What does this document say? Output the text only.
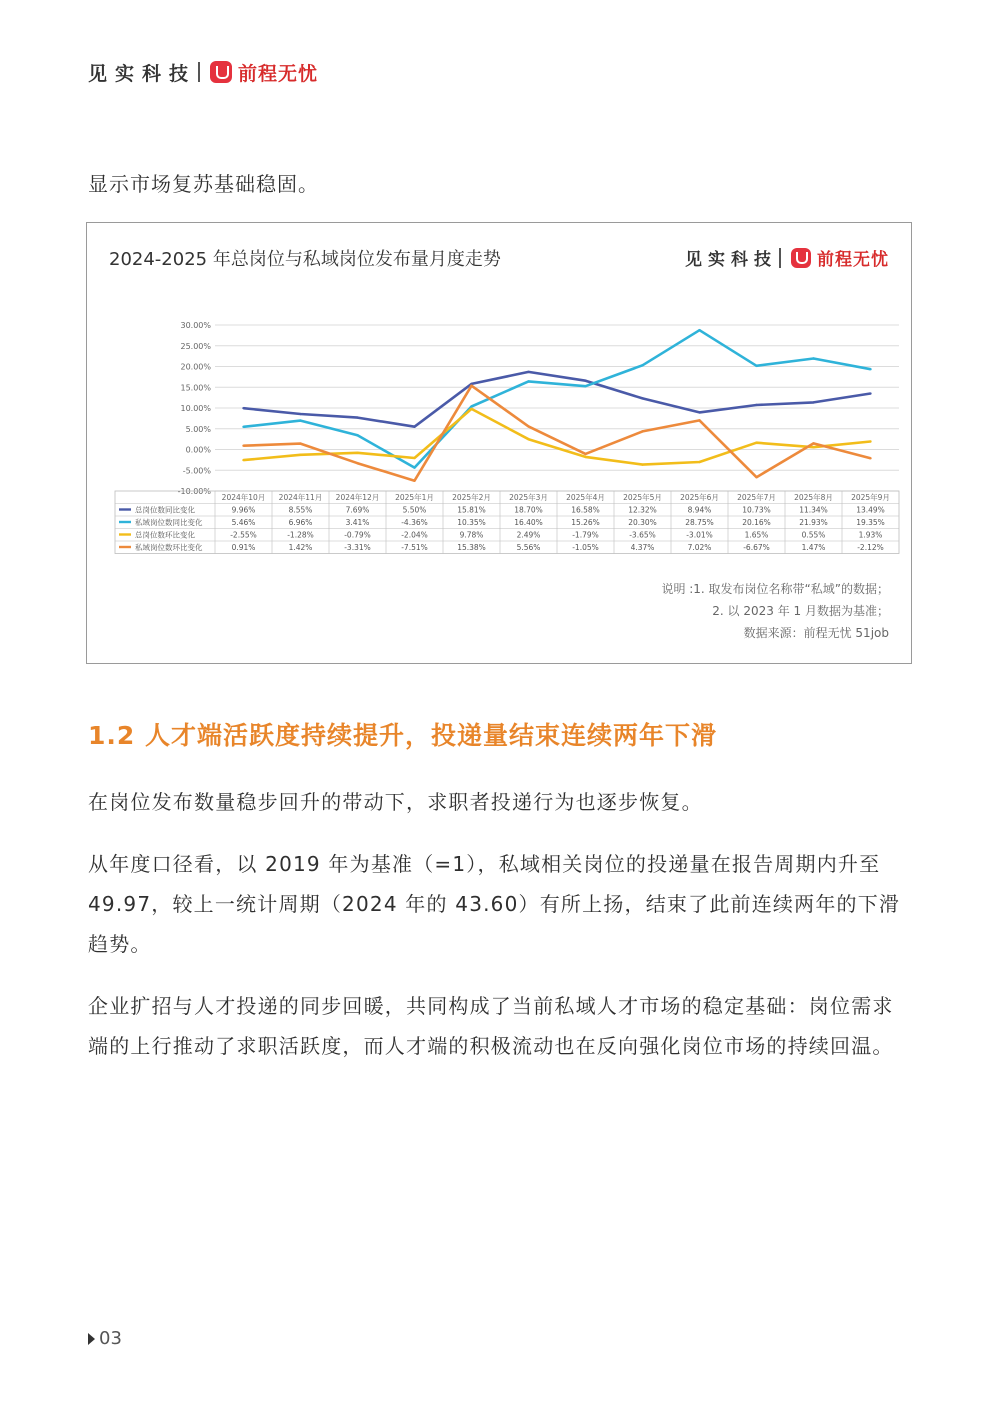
见实科技 前程无忧
显示市场复苏基础稳固。
2024-2025 年总岗位与私域岗位发布量月度走势	见实科技 前程无忧
30.00%
25.00%
20.00%
15.00%
10.00%
5.00%
0.00%
-5.00%
-10.00%
2024年10月 2024年11月 2024年12月 2025年1月 2025年2月 2025年3月 2025年4月 2025年5月 2025年6月 2025年7月 2025年8月 2025年9月
总岗位数同比变化	9.96%	8.55%	7.69%	5.50%	15.81%	18.70%	16.58%	12.32%	8.94%	10.73%	11.34%	13.49%
私域岗位数同比变化	5.46%	6.96%	3.41%	-4.36%	10.35%	16.40%	15.26%	20.30%	28.75%	20.16%	21.93%	19.35%
总岗位数环比变化	-2.55%	-1.28%	-0.79%	-2.04%	9.78%	2.49%	-1.79%	-3.65%	-3.01%	1.65%	0.55%	1.93%
私域岗位数环比变化	0.91%	1.42%	-3.31%	-7.51%	15.38%	5.56%	-1.05%	4.37%	7.02%	-6.67%	1.47%	-2.12%
说明 :1. 取发布岗位名称带“私域”的数据；
2. 以 2023 年 1 月数据为基准；
数据来源：前程无忧 51job
1.2 人才端活跃度持续提升，投递量结束连续两年下滑

在岗位发布数量稳步回升的带动下，求职者投递行为也逐步恢复。

从年度口径看，以 2019 年为基准（=1），私域相关岗位的投递量在报告周期内升至 49.97，较上一统计周期（2024 年的 43.60）有所上扬，结束了此前连续两年的下滑趋势。

企业扩招与人才投递的同步回暖，共同构成了当前私域人才市场的稳定基础：岗位需求端的上行推动了求职活跃度，而人才端的积极流动也在反向强化岗位市场的持续回温。

03
